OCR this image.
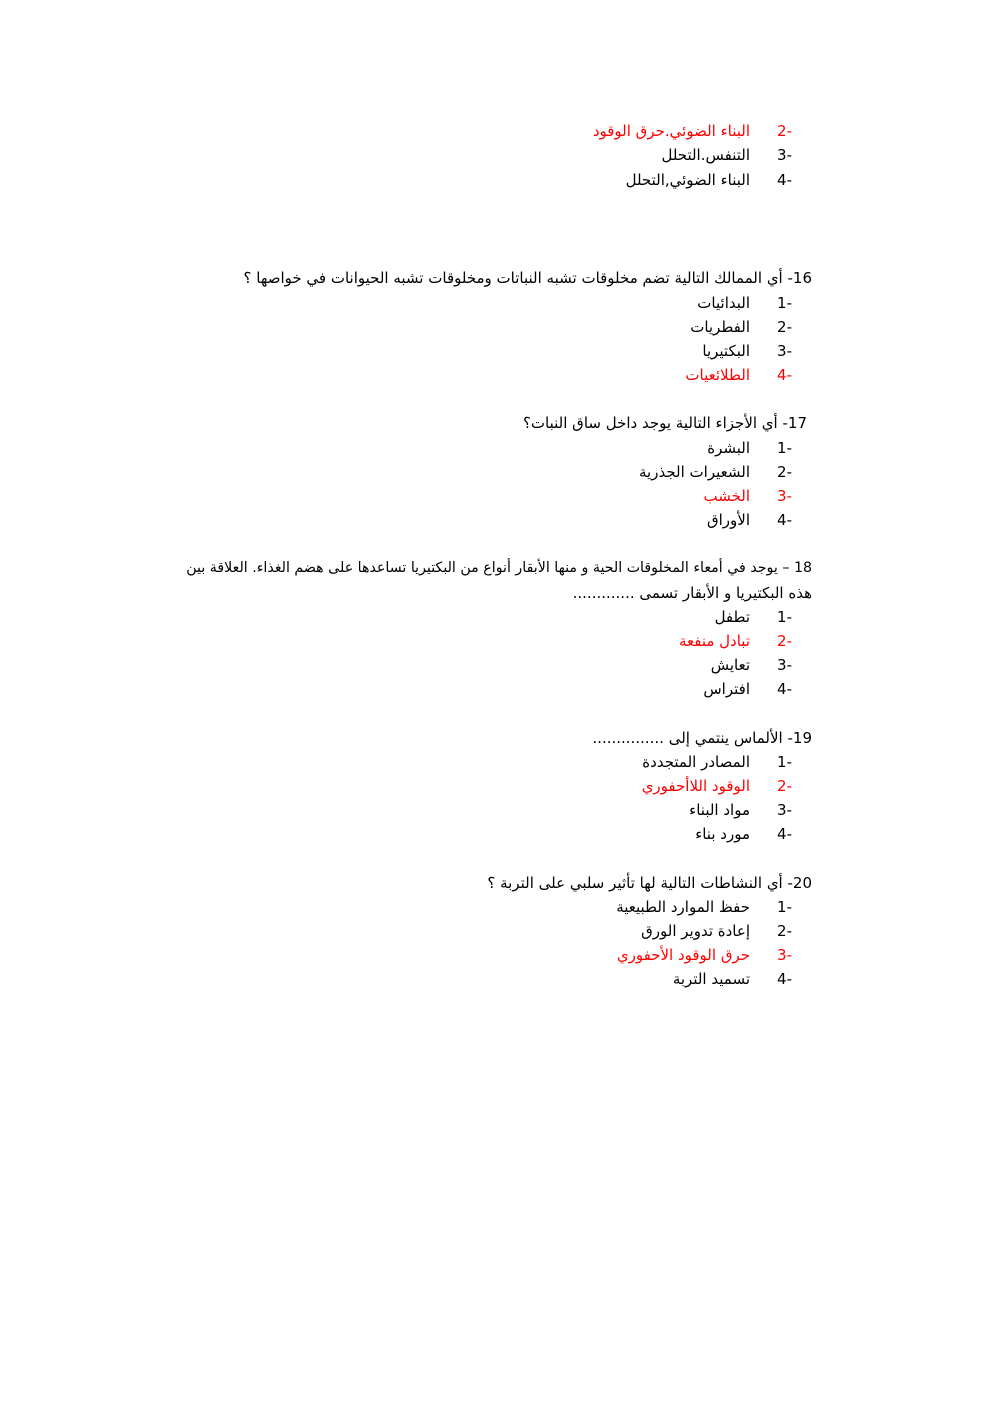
-2
البناء الضوئي.حرق الوقود
-3
التنفس.التحلل
-4
البناء الضوئي,التحلل
16- أي الممالك التالية تضم مخلوقات تشبه النباتات ومخلوقات تشبه الحيوانات في خواصها ؟
-1
البدائيات
-2
الفطريات
-3
البكتيريا
-4
الطلائعيات
17- أي الأجزاء التالية يوجد داخل ساق النبات؟
-1
البشرة
-2
الشعيرات الجذرية
-3
الخشب
-4
الأوراق
18 – يوجد في أمعاء المخلوقات الحية و منها الأبقار أنواع من البكتيريا تساعدها على هضم الغذاء. العلاقة بين
هذه البكتيريا و الأبقار تسمى .............
-1
تطفل
-2
تبادل منفعة
-3
تعايش
-4
افتراس
19- الألماس ينتمي إلى ...............
-1
المصادر المتجددة
-2
الوقود اللاأحفوري
-3
مواد البناء
-4
مورد بناء
20- أي النشاطات التالية لها تأثير سلبي على التربة ؟
-1
حفظ الموارد الطبيعية
-2
إعادة تدوير الورق
-3
حرق الوقود الأحفوري
-4
تسميد التربة
